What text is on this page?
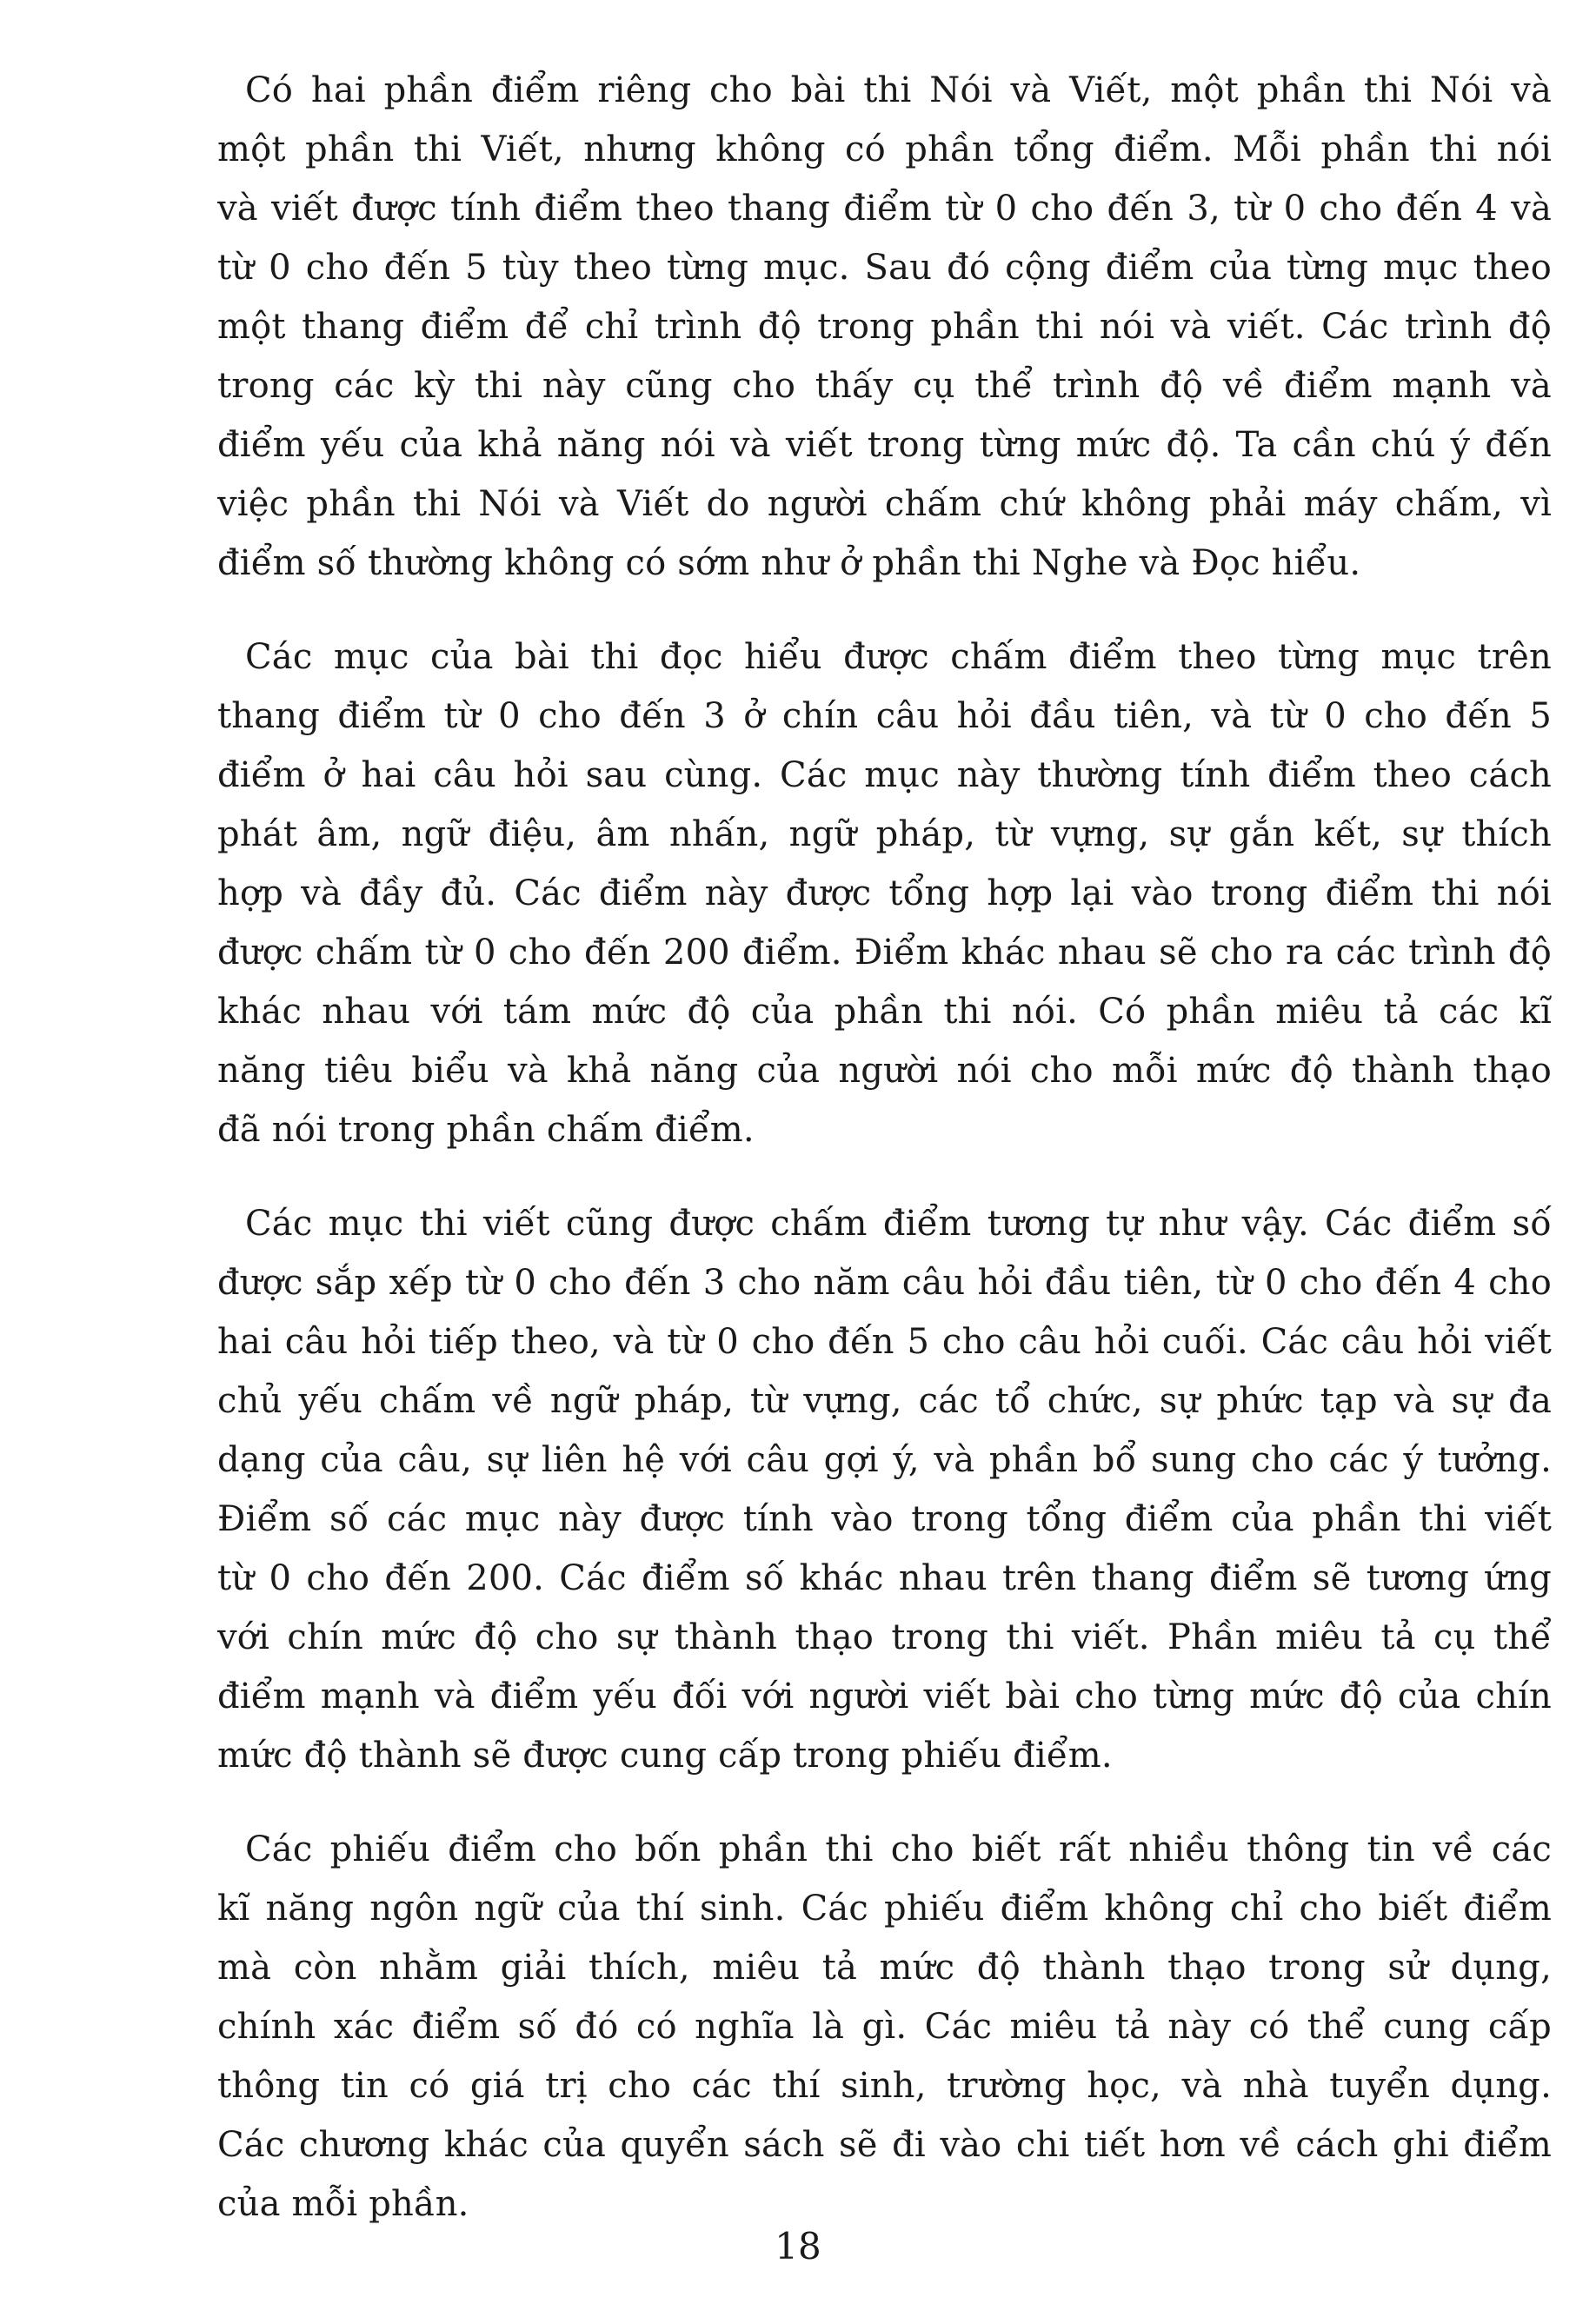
Có hai phần điểm riêng cho bài thi Nói và Viết, một phần thi Nói và
một phần thi Viết, nhưng không có phần tổng điểm. Mỗi phần thi nói
và viết được tính điểm theo thang điểm từ 0 cho đến 3, từ 0 cho đến 4 và
từ 0 cho đến 5 tùy theo từng mục. Sau đó cộng điểm của từng mục theo
một thang điểm để chỉ trình độ trong phần thi nói và viết. Các trình độ
trong các kỳ thi này cũng cho thấy cụ thể trình độ về điểm mạnh và
điểm yếu của khả năng nói và viết trong từng mức độ. Ta cần chú ý đến
việc phần thi Nói và Viết do người chấm chứ không phải máy chấm, vì
điểm số thường không có sớm như ở phần thi Nghe và Đọc hiểu.

Các mục của bài thi đọc hiểu được chấm điểm theo từng mục trên
thang điểm từ 0 cho đến 3 ở chín câu hỏi đầu tiên, và từ 0 cho đến 5
điểm ở hai câu hỏi sau cùng. Các mục này thường tính điểm theo cách
phát âm, ngữ điệu, âm nhấn, ngữ pháp, từ vựng, sự gắn kết, sự thích
hợp và đầy đủ. Các điểm này được tổng hợp lại vào trong điểm thi nói
được chấm từ 0 cho đến 200 điểm. Điểm khác nhau sẽ cho ra các trình độ
khác nhau với tám mức độ của phần thi nói. Có phần miêu tả các kĩ
năng tiêu biểu và khả năng của người nói cho mỗi mức độ thành thạo
đã nói trong phần chấm điểm.

Các mục thi viết cũng được chấm điểm tương tự như vậy. Các điểm số
được sắp xếp từ 0 cho đến 3 cho năm câu hỏi đầu tiên, từ 0 cho đến 4 cho
hai câu hỏi tiếp theo, và từ 0 cho đến 5 cho câu hỏi cuối. Các câu hỏi viết
chủ yếu chấm về ngữ pháp, từ vựng, các tổ chức, sự phức tạp và sự đa
dạng của câu, sự liên hệ với câu gợi ý, và phần bổ sung cho các ý tưởng.
Điểm số các mục này được tính vào trong tổng điểm của phần thi viết
từ 0 cho đến 200. Các điểm số khác nhau trên thang điểm sẽ tương ứng
với chín mức độ cho sự thành thạo trong thi viết. Phần miêu tả cụ thể
điểm mạnh và điểm yếu đối với người viết bài cho từng mức độ của chín
mức độ thành sẽ được cung cấp trong phiếu điểm.

Các phiếu điểm cho bốn phần thi cho biết rất nhiều thông tin về các
kĩ năng ngôn ngữ của thí sinh. Các phiếu điểm không chỉ cho biết điểm
mà còn nhằm giải thích, miêu tả mức độ thành thạo trong sử dụng,
chính xác điểm số đó có nghĩa là gì. Các miêu tả này có thể cung cấp
thông tin có giá trị cho các thí sinh, trường học, và nhà tuyển dụng.
Các chương khác của quyển sách sẽ đi vào chi tiết hơn về cách ghi điểm
của mỗi phần.

18
